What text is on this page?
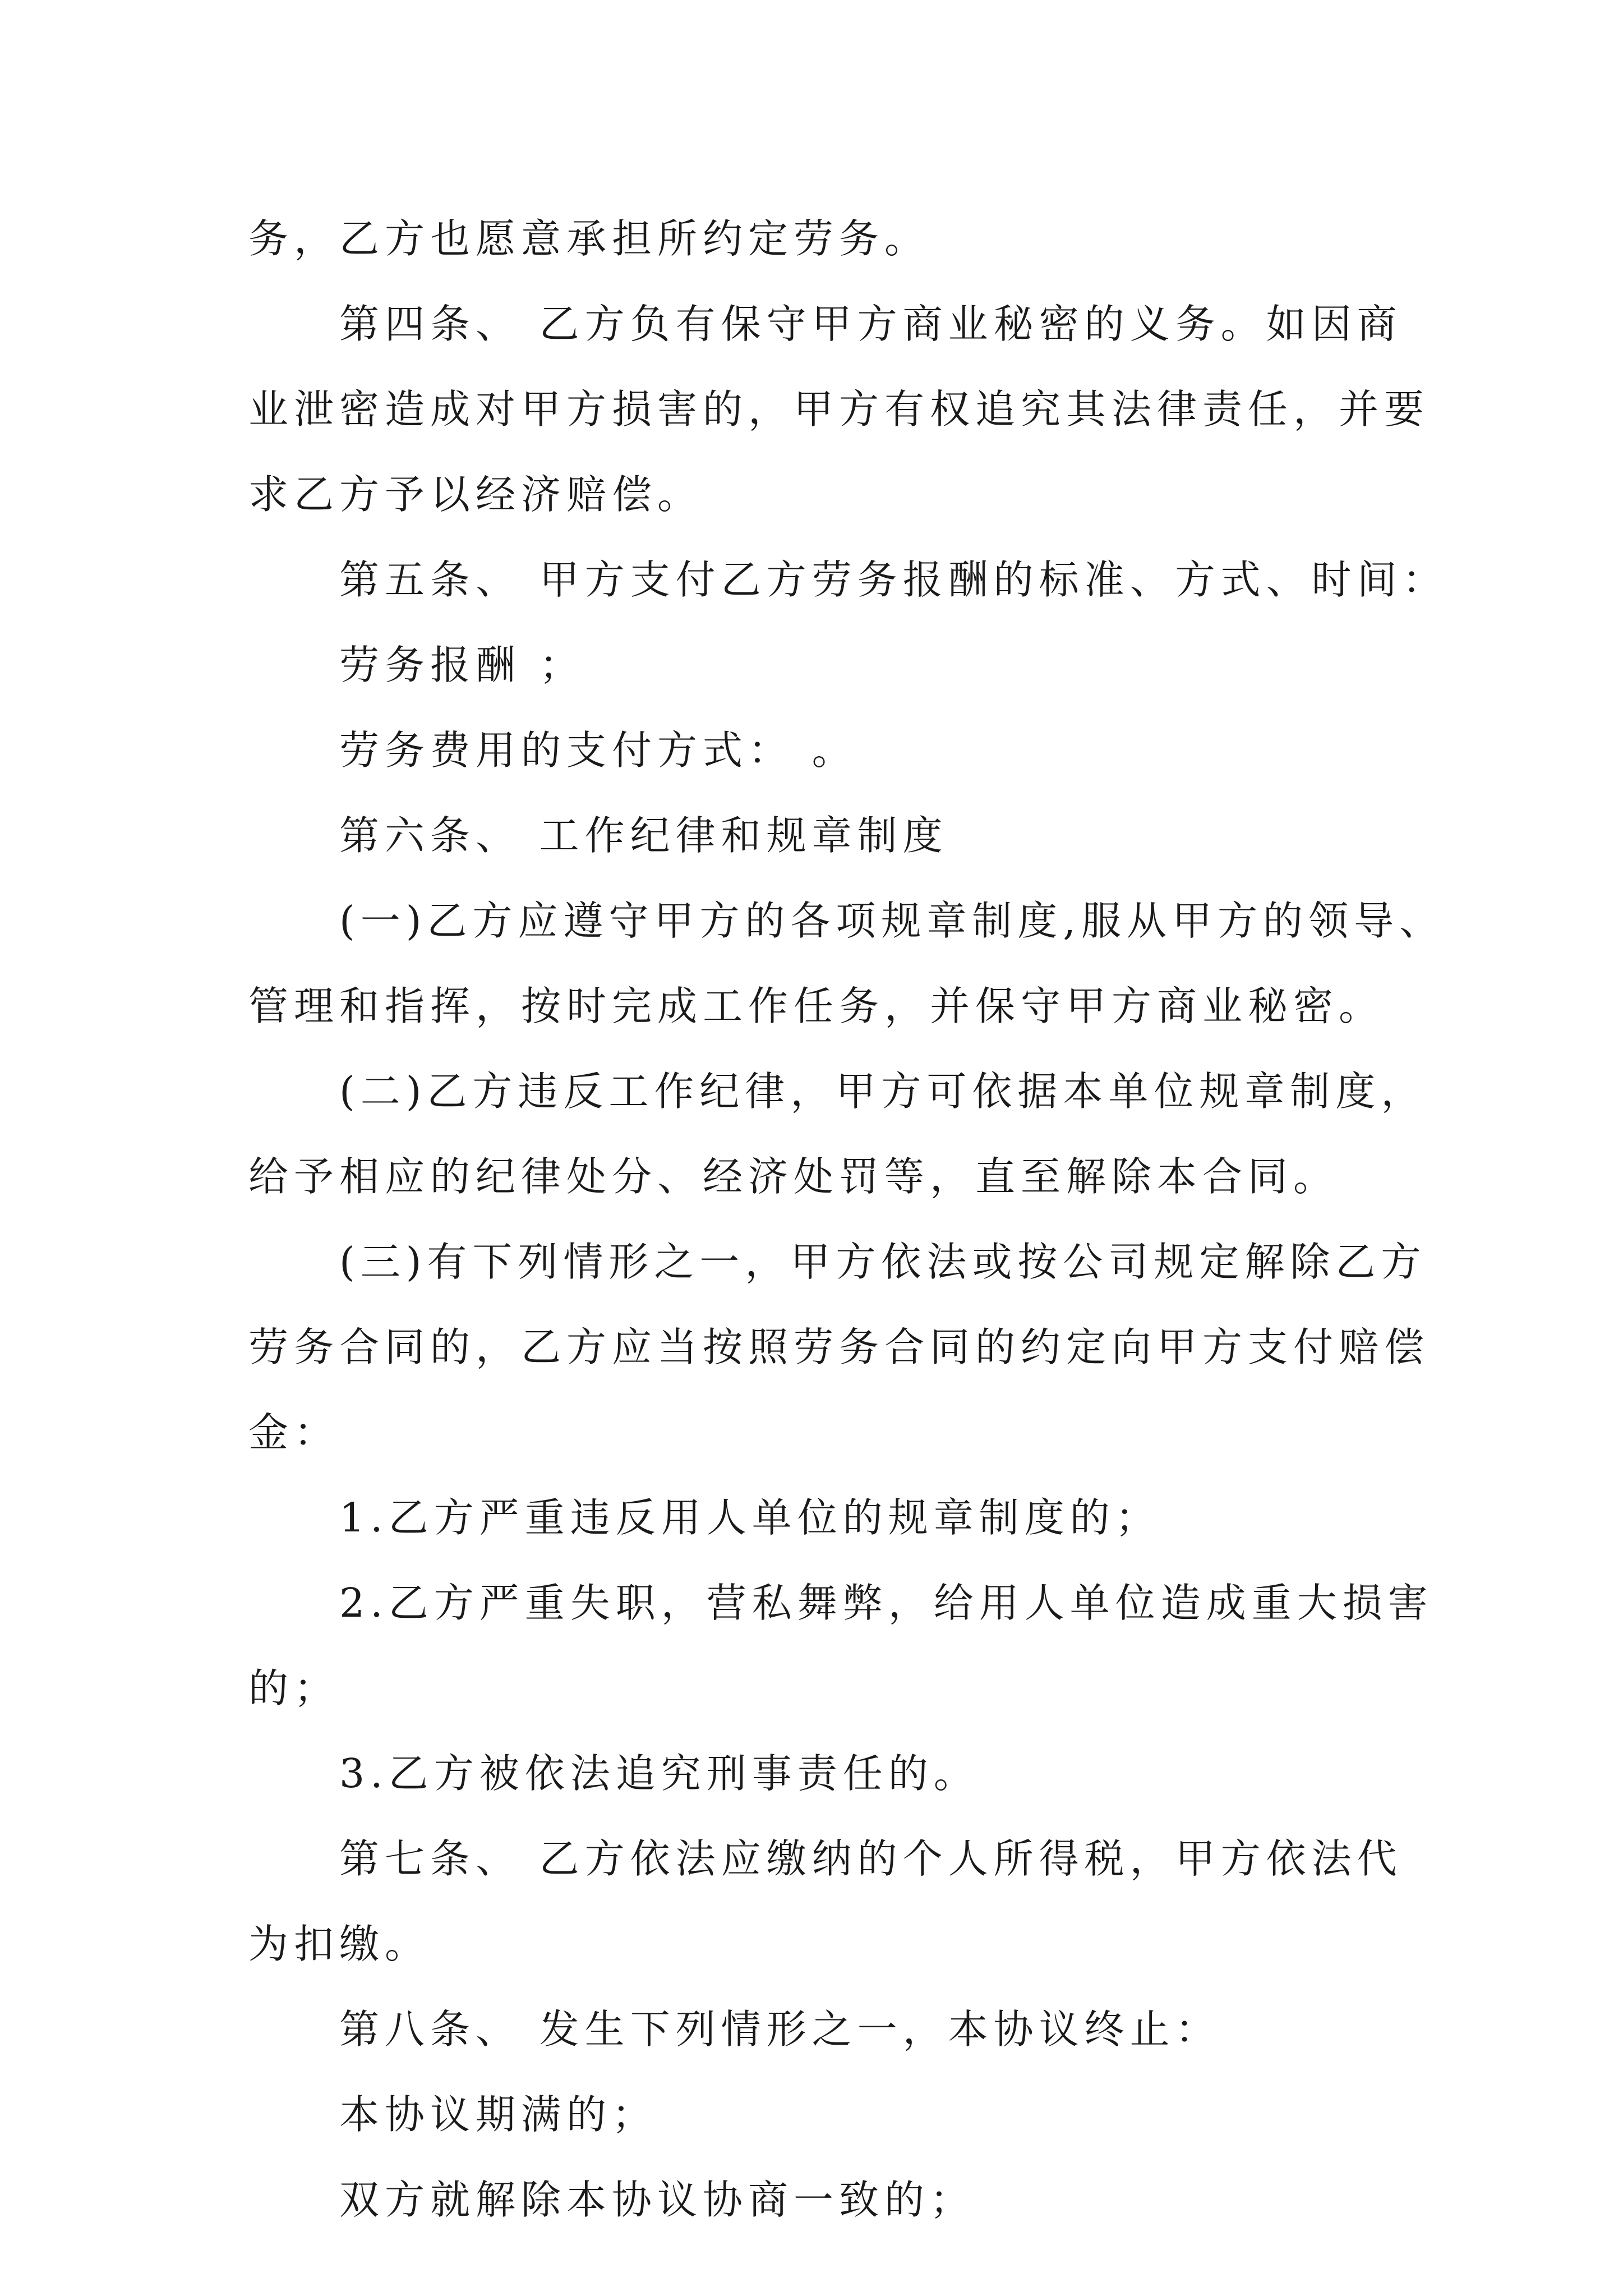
务，乙方也愿意承担所约定劳务。
第四条、 乙方负有保守甲方商业秘密的义务。如因商
业泄密造成对甲方损害的，甲方有权追究其法律责任，并要
求乙方予以经济赔偿。
第五条、 甲方支付乙方劳务报酬的标准、方式、时间：
劳务报酬 ；
劳务费用的支付方式： 。
第六条、 工作纪律和规章制度
(一)乙方应遵守甲方的各项规章制度,服从甲方的领导、
管理和指挥，按时完成工作任务，并保守甲方商业秘密。
(二)乙方违反工作纪律，甲方可依据本单位规章制度，
给予相应的纪律处分、经济处罚等，直至解除本合同。
(三)有下列情形之一，甲方依法或按公司规定解除乙方
劳务合同的，乙方应当按照劳务合同的约定向甲方支付赔偿
金：
1.乙方严重违反用人单位的规章制度的；
2.乙方严重失职，营私舞弊，给用人单位造成重大损害
的；
3.乙方被依法追究刑事责任的。
第七条、 乙方依法应缴纳的个人所得税，甲方依法代
为扣缴。
第八条、 发生下列情形之一，本协议终止：
本协议期满的；
双方就解除本协议协商一致的；
